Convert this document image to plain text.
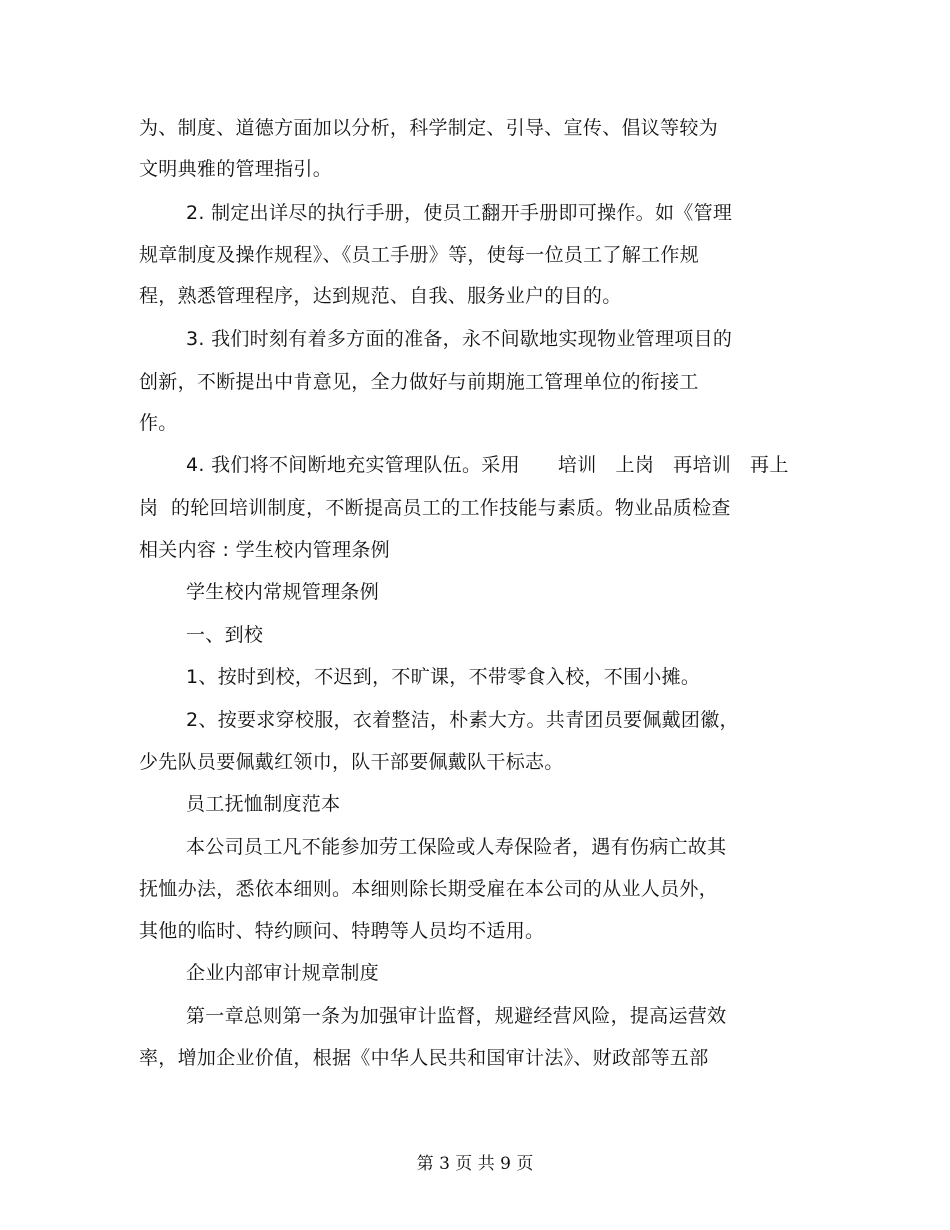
为、制度、道德方面加以分析，科学制定、引导、宣传、倡议等较为
文明典雅的管理指引。
2. 制定出详尽的执行手册，使员工翻开手册即可操作。如《管理
规章制度及操作规程》、《员工手册》等，使每一位员工了解工作规
程，熟悉管理程序，达到规范、自我、服务业户的目的。
3. 我们时刻有着多方面的准备，永不间歇地实现物业管理项目的
创新，不断提出中肯意见，全力做好与前期施工管理单位的衔接工
作。
4. 我们将不间断地充实管理队伍。采用      培训   上岗   再培训   再上
岗  的轮回培训制度，不断提高员工的工作技能与素质。物业品质检查
相关内容 : 学生校内管理条例
学生校内常规管理条例
一、到校
1、按时到校，不迟到，不旷课，不带零食入校，不围小摊。
2、按要求穿校服，衣着整洁，朴素大方。共青团员要佩戴团徽，
少先队员要佩戴红领巾，队干部要佩戴队干标志。
员工抚恤制度范本
本公司员工凡不能参加劳工保险或人寿保险者，遇有伤病亡故其
抚恤办法，悉依本细则。本细则除长期受雇在本公司的从业人员外，
其他的临时、特约顾问、特聘等人员均不适用。
企业内部审计规章制度
第一章总则第一条为加强审计监督，规避经营风险，提高运营效
率，增加企业价值，根据《中华人民共和国审计法》、财政部等五部
第 3 页 共 9 页
